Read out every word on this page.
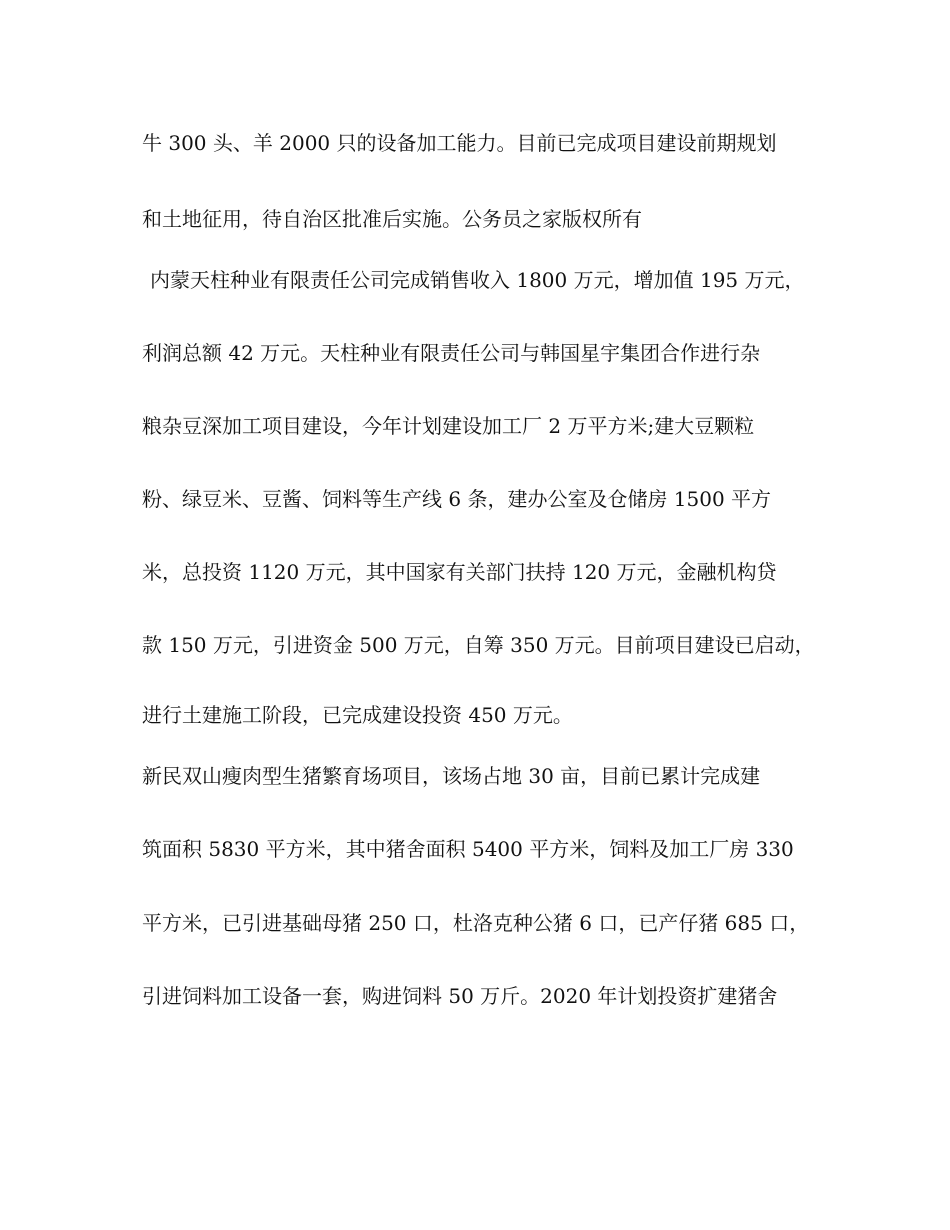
牛 300 头、羊 2000 只的设备加工能力。目前已完成项目建设前期规划
和土地征用，待自治区批准后实施。公务员之家版权所有
内蒙天柱种业有限责任公司完成销售收入 1800 万元，增加值 195 万元，
利润总额 42 万元。天柱种业有限责任公司与韩国星宇集团合作进行杂
粮杂豆深加工项目建设，今年计划建设加工厂 2 万平方米;建大豆颗粒
粉、绿豆米、豆酱、饲料等生产线 6 条，建办公室及仓储房 1500 平方
米，总投资 1120 万元，其中国家有关部门扶持 120 万元，金融机构贷
款 150 万元，引进资金 500 万元，自筹 350 万元。目前项目建设已启动，
进行土建施工阶段，已完成建设投资 450 万元。
新民双山瘦肉型生猪繁育场项目，该场占地 30 亩，目前已累计完成建
筑面积 5830 平方米，其中猪舍面积 5400 平方米，饲料及加工厂房 330
平方米，已引进基础母猪 250 口，杜洛克种公猪 6 口，已产仔猪 685 口，
引进饲料加工设备一套，购进饲料 50 万斤。2020 年计划投资扩建猪舍
